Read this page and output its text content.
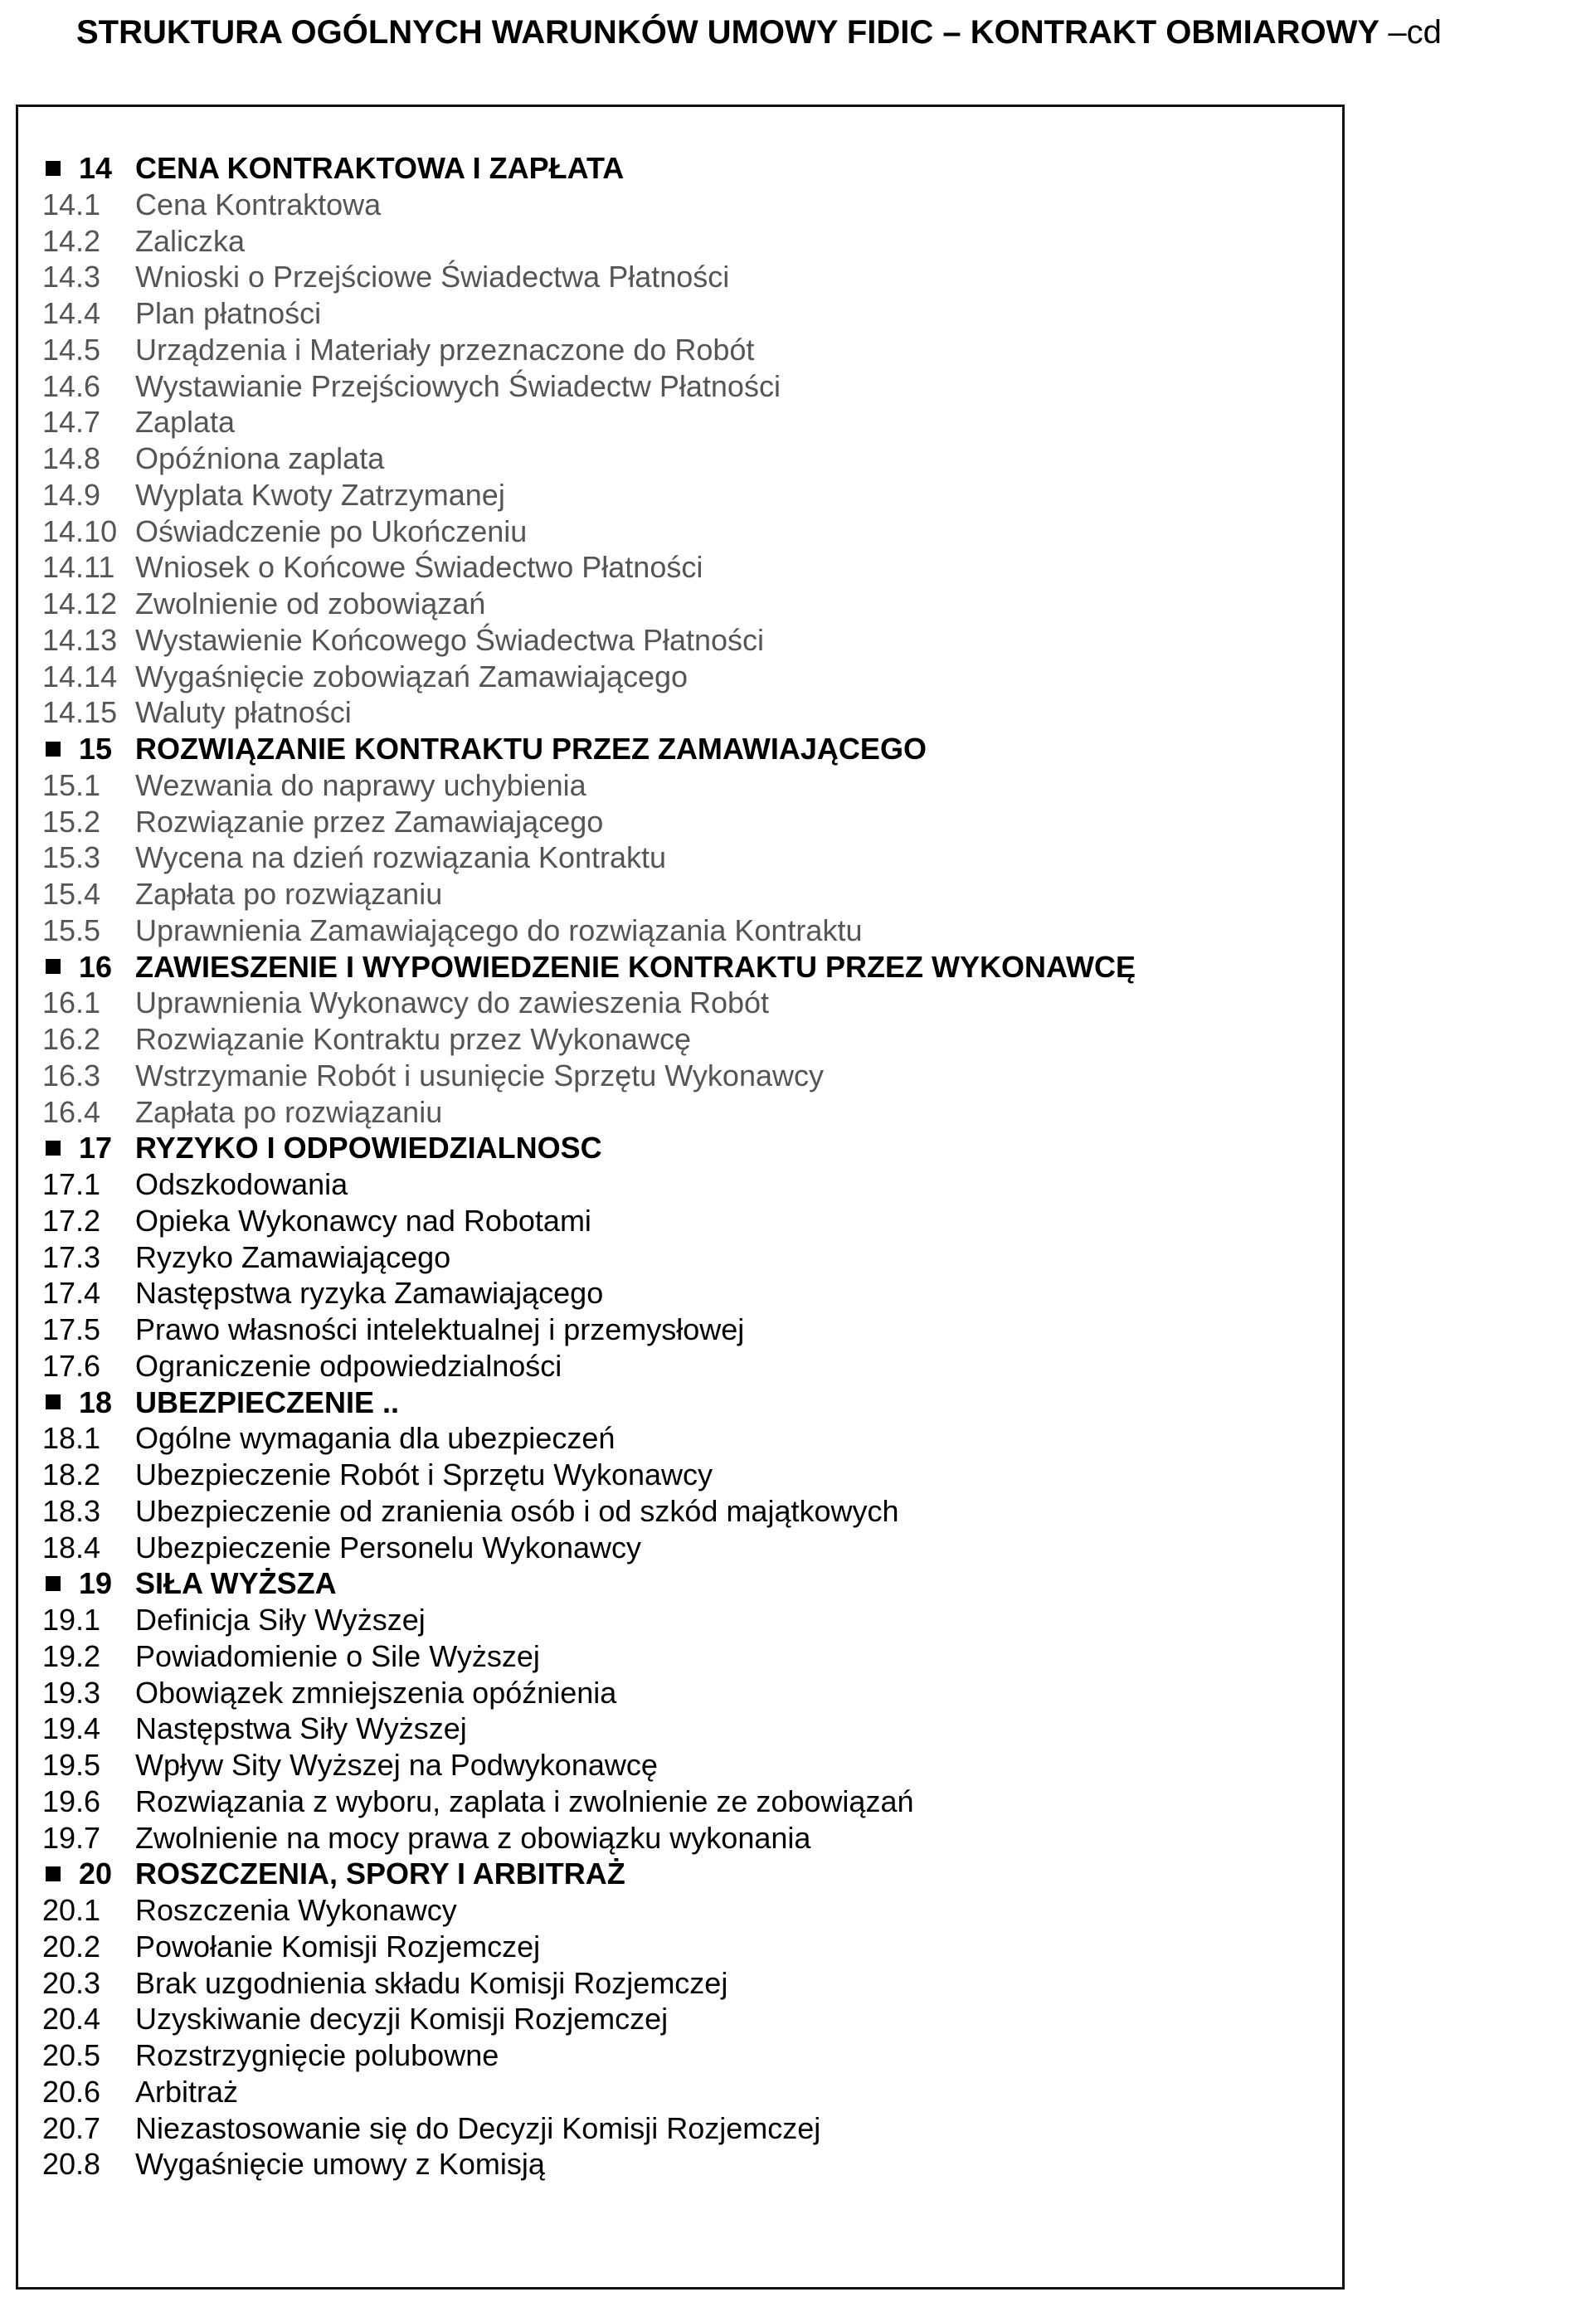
STRUKTURA OGÓLNYCH WARUNKÓW UMOWY FIDIC – KONTRAKT OBMIAROWY –cd
14 CENA KONTRAKTOWA I ZAPŁATA
14.1	Cena Kontraktowa
14.2	Zaliczka
14.3	Wnioski o Przejściowe Świadectwa Płatności
14.4	Plan płatności
14.5	Urządzenia i Materiały przeznaczone do Robót
14.6	Wystawianie Przejściowych Świadectw Płatności
14.7	Zaplata
14.8	Opóźniona zaplata
14.9	Wyplata Kwoty Zatrzymanej
14.10 Oświadczenie po Ukończeniu
14.11 Wniosek o Końcowe Świadectwo Płatności
14.12 Zwolnienie od zobowiązań
14.13 Wystawienie Końcowego Świadectwa Płatności
14.14 Wygaśnięcie zobowiązań Zamawiającego
14.15 Waluty płatności
15 ROZWIĄZANIE KONTRAKTU PRZEZ ZAMAWIAJĄCEGO
15.1	Wezwania do naprawy uchybienia
15.2	Rozwiązanie przez Zamawiającego
15.3	Wycena na dzień rozwiązania Kontraktu
15.4	Zapłata po rozwiązaniu
15.5	Uprawnienia Zamawiającego do rozwiązania Kontraktu
16 ZAWIESZENIE I WYPOWIEDZENIE KONTRAKTU PRZEZ WYKONAWCĘ
16.1	Uprawnienia Wykonawcy do zawieszenia Robót
16.2	Rozwiązanie Kontraktu przez Wykonawcę
16.3	Wstrzymanie Robót i usunięcie Sprzętu Wykonawcy
16.4	Zapłata po rozwiązaniu
17 RYZYKO I ODPOWIEDZIALNOSC
17.1	Odszkodowania
17.2	Opieka Wykonawcy nad Robotami
17.3	Ryzyko Zamawiającego
17.4	Następstwa ryzyka Zamawiającego
17.5	Prawo własności intelektualnej i przemysłowej
17.6	Ograniczenie odpowiedzialności
18 UBEZPIECZENIE ..
18.1	Ogólne wymagania dla ubezpieczeń
18.2	Ubezpieczenie Robót i Sprzętu Wykonawcy
18.3	Ubezpieczenie od zranienia osób i od szkód majątkowych
18.4	Ubezpieczenie Personelu Wykonawcy
19 SIŁA WYŻSZA
19.1	Definicja Siły Wyższej
19.2	Powiadomienie o Sile Wyższej
19.3	Obowiązek zmniejszenia opóźnienia
19.4	Następstwa Siły Wyższej
19.5	Wpływ Sity Wyższej na Podwykonawcę
19.6	Rozwiązania z wyboru, zaplata i zwolnienie ze zobowiązań
19.7	Zwolnienie na mocy prawa z obowiązku wykonania
20 ROSZCZENIA, SPORY I ARBITRAŻ
20.1	Roszczenia Wykonawcy
20.2	Powołanie Komisji Rozjemczej
20.3	Brak uzgodnienia składu Komisji Rozjemczej
20.4	Uzyskiwanie decyzji Komisji Rozjemczej
20.5	Rozstrzygnięcie polubowne
20.6	Arbitraż
20.7	Niezastosowanie się do Decyzji Komisji Rozjemczej
20.8	Wygaśnięcie umowy z Komisją
